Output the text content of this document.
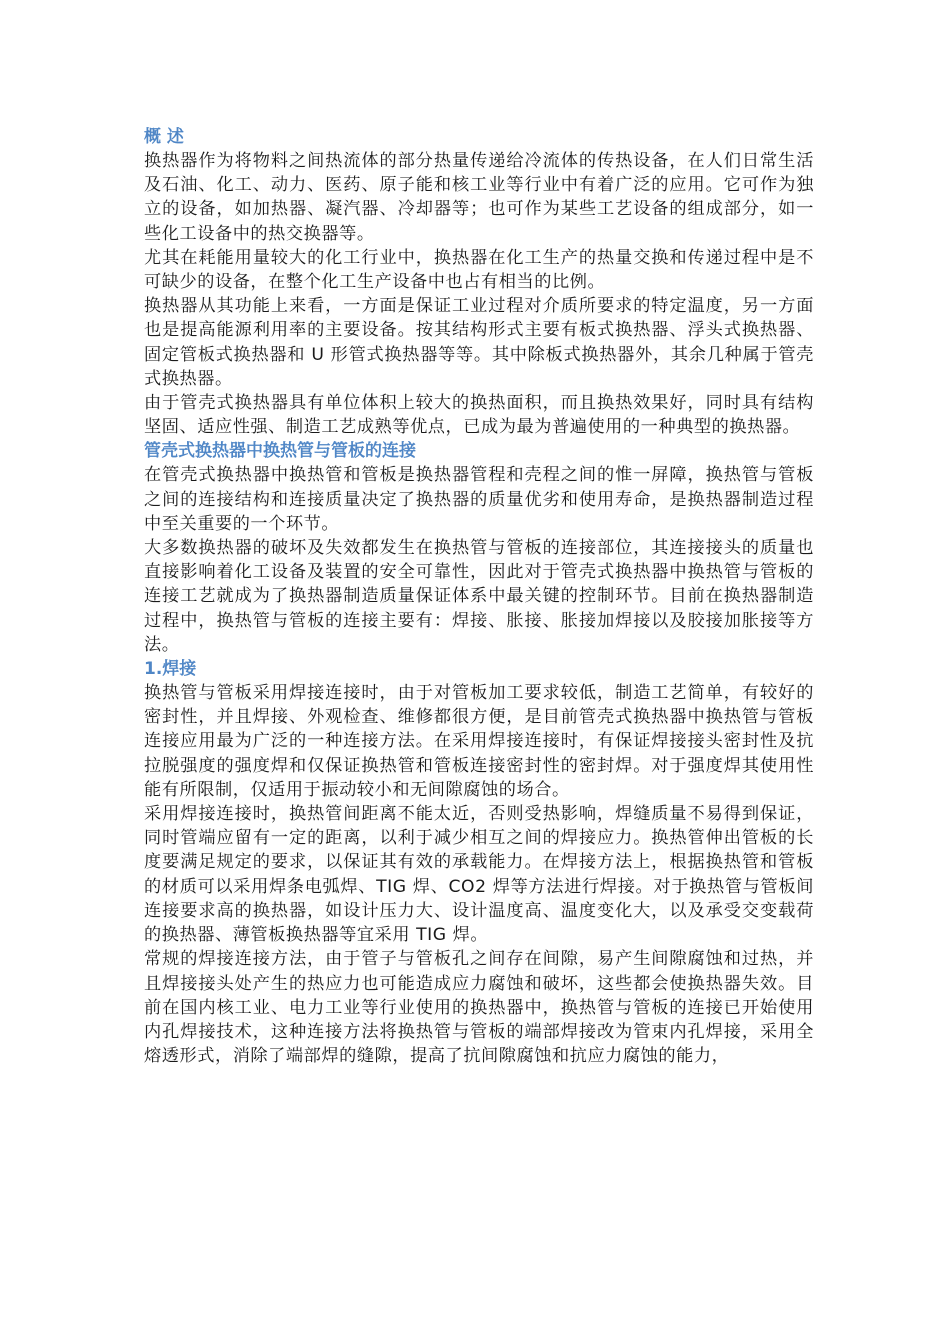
概 述

换热器作为将物料之间热流体的部分热量传递给冷流体的传热设备，在人们日常生活及石油、化工、动力、医药、原子能和核工业等行业中有着广泛的应用。它可作为独立的设备，如加热器、凝汽器、冷却器等；也可作为某些工艺设备的组成部分，如一些化工设备中的热交换器等。

尤其在耗能用量较大的化工行业中，换热器在化工生产的热量交换和传递过程中是不可缺少的设备，在整个化工生产设备中也占有相当的比例。

换热器从其功能上来看，一方面是保证工业过程对介质所要求的特定温度，另一方面也是提高能源利用率的主要设备。按其结构形式主要有板式换热器、浮头式换热器、固定管板式换热器和 U 形管式换热器等等。其中除板式换热器外，其余几种属于管壳式换热器。

由于管壳式换热器具有单位体积上较大的换热面积，而且换热效果好，同时具有结构坚固、适应性强、制造工艺成熟等优点，已成为最为普遍使用的一种典型的换热器。

管壳式换热器中换热管与管板的连接

在管壳式换热器中换热管和管板是换热器管程和壳程之间的惟一屏障，换热管与管板之间的连接结构和连接质量决定了换热器的质量优劣和使用寿命，是换热器制造过程中至关重要的一个环节。

大多数换热器的破坏及失效都发生在换热管与管板的连接部位，其连接接头的质量也直接影响着化工设备及装置的安全可靠性，因此对于管壳式换热器中换热管与管板的连接工艺就成为了换热器制造质量保证体系中最关键的控制环节。目前在换热器制造过程中，换热管与管板的连接主要有：焊接、胀接、胀接加焊接以及胶接加胀接等方法。

1.焊接

换热管与管板采用焊接连接时，由于对管板加工要求较低，制造工艺简单，有较好的密封性，并且焊接、外观检查、维修都很方便，是目前管壳式换热器中换热管与管板连接应用最为广泛的一种连接方法。在采用焊接连接时，有保证焊接接头密封性及抗拉脱强度的强度焊和仅保证换热管和管板连接密封性的密封焊。对于强度焊其使用性能有所限制，仅适用于振动较小和无间隙腐蚀的场合。

采用焊接连接时，换热管间距离不能太近，否则受热影响，焊缝质量不易得到保证，同时管端应留有一定的距离，以利于减少相互之间的焊接应力。换热管伸出管板的长度要满足规定的要求，以保证其有效的承载能力。在焊接方法上，根据换热管和管板的材质可以采用焊条电弧焊、TIG 焊、CO2 焊等方法进行焊接。对于换热管与管板间连接要求高的换热器，如设计压力大、设计温度高、温度变化大，以及承受交变载荷的换热器、薄管板换热器等宜采用 TIG 焊。

常规的焊接连接方法，由于管子与管板孔之间存在间隙，易产生间隙腐蚀和过热，并且焊接接头处产生的热应力也可能造成应力腐蚀和破坏，这些都会使换热器失效。目前在国内核工业、电力工业等行业使用的换热器中，换热管与管板的连接已开始使用内孔焊接技术，这种连接方法将换热管与管板的端部焊接改为管束内孔焊接，采用全熔透形式，消除了端部焊的缝隙，提高了抗间隙腐蚀和抗应力腐蚀的能力，
